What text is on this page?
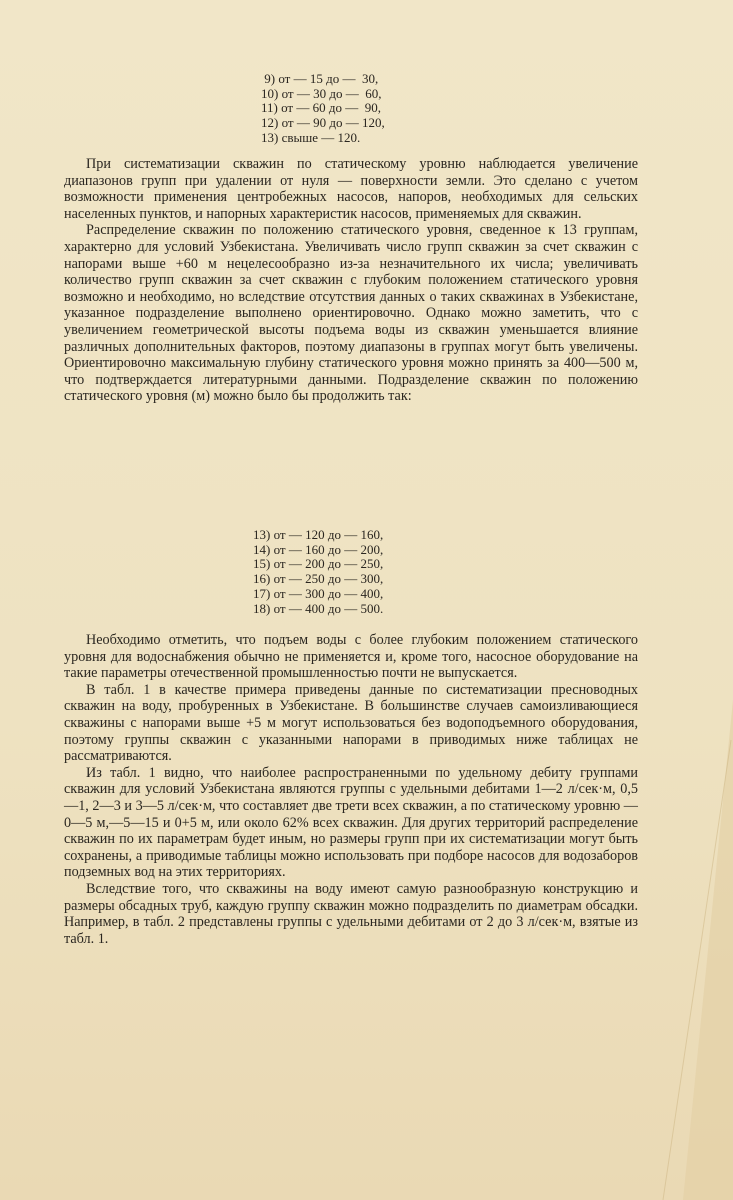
9) от — 15 до —  30,
10) от — 30 до —  60,
11) от — 60 до —  90,
12) от — 90 до — 120,
13) свыше — 120.

При систематизации скважин по статическому уровню наблюдается увеличение диапазонов групп при удалении от нуля — поверхности земли. Это сделано с учетом возможности применения центробежных насосов, напоров, необходимых для сельских населенных пунктов, и напорных характеристик насосов, применяемых для скважин.

Распределение скважин по положению статического уровня, сведенное к 13 группам, характерно для условий Узбекистана. Увеличивать число групп скважин за счет скважин с напорами выше +60 м нецелесообразно из-за незначительного их числа; увеличивать количество групп скважин за счет скважин с глубоким положением статического уровня возможно и необходимо, но вследствие отсутствия данных о таких скважинах в Узбекистане, указанное подразделение выполнено ориентировочно. Однако можно заметить, что с увеличением геометрической высоты подъема воды из скважин уменьшается влияние различных дополнительных факторов, поэтому диапазоны в группах могут быть увеличены. Ориентировочно максимальную глубину статического уровня можно принять за 400—500 м, что подтверждается литературными данными. Подразделение скважин по положению статического уровня (м) можно было бы продолжить так:

13) от — 120 до — 160,
14) от — 160 до — 200,
15) от — 200 до — 250,
16) от — 250 до — 300,
17) от — 300 до — 400,
18) от — 400 до — 500.

Необходимо отметить, что подъем воды с более глубоким положением статического уровня для водоснабжения обычно не применяется и, кроме того, насосное оборудование на такие параметры отечественной промышленностью почти не выпускается.

В табл. 1 в качестве примера приведены данные по систематизации пресноводных скважин на воду, пробуренных в Узбекистане. В большинстве случаев самоизливающиеся скважины с напорами выше +5 м могут использоваться без водоподъемного оборудования, поэтому группы скважин с указанными напорами в приводимых ниже таблицах не рассматриваются.

Из табл. 1 видно, что наиболее распространенными по удельному дебиту группами скважин для условий Узбекистана являются группы с удельными дебитами 1—2 л/сек·м, 0,5—1, 2—3 и 3—5 л/сек·м, что составляет две трети всех скважин, а по статическому уровню — 0—5 м,—5—15 и 0+5 м, или около 62% всех скважин. Для других территорий распределение скважин по их параметрам будет иным, но размеры групп при их систематизации могут быть сохранены, а приводимые таблицы можно использовать при подборе насосов для водозаборов подземных вод на этих территориях.

Вследствие того, что скважины на воду имеют самую разнообразную конструкцию и размеры обсадных труб, каждую группу скважин можно подразделить по диаметрам обсадки. Например, в табл. 2 представлены группы с удельными дебитами от 2 до 3 л/сек·м, взятые из табл. 1.
